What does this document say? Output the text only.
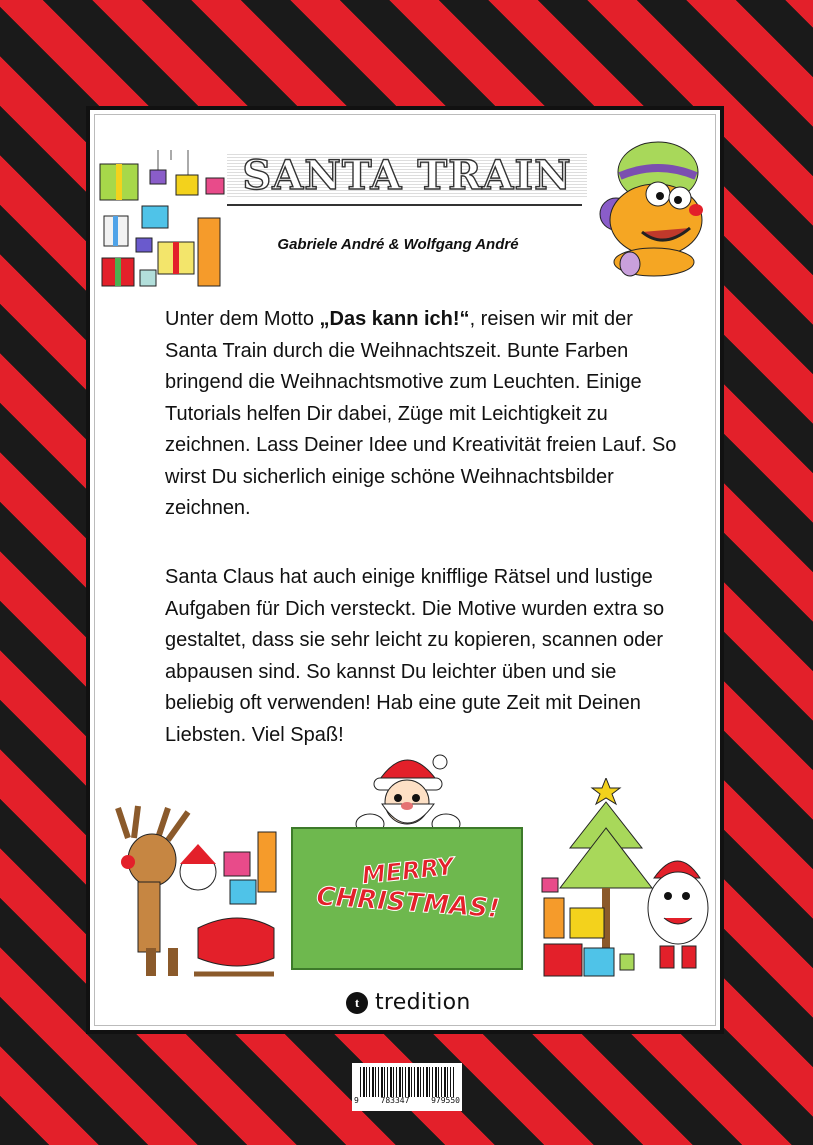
SANTA TRAIN
Gabriele André & Wolfgang André

Unter dem Motto „Das kann ich!“, reisen wir mit der Santa Train durch die Weihnachtszeit. Bunte Farben bringend die Weihnachtsmotive zum Leuchten. Einige Tutorials helfen Dir dabei, Züge mit Leichtigkeit zu zeichnen. Lass Deiner Idee und Kreativität freien Lauf. So wirst Du sicherlich einige schöne Weihnachtsbilder zeichnen.

Santa Claus hat auch einige knifflige Rätsel und lustige Aufgaben für Dich versteckt. Die Motive wurden extra so gestaltet, dass sie sehr leicht zu kopieren, scannen oder abpausen sind. So kannst Du leichter üben und sie beliebig oft verwenden! Hab eine gute Zeit mit Deinen Liebsten. Viel Spaß!

MERRY
CHRISTMAS!
t tredition
9	783347	979550
